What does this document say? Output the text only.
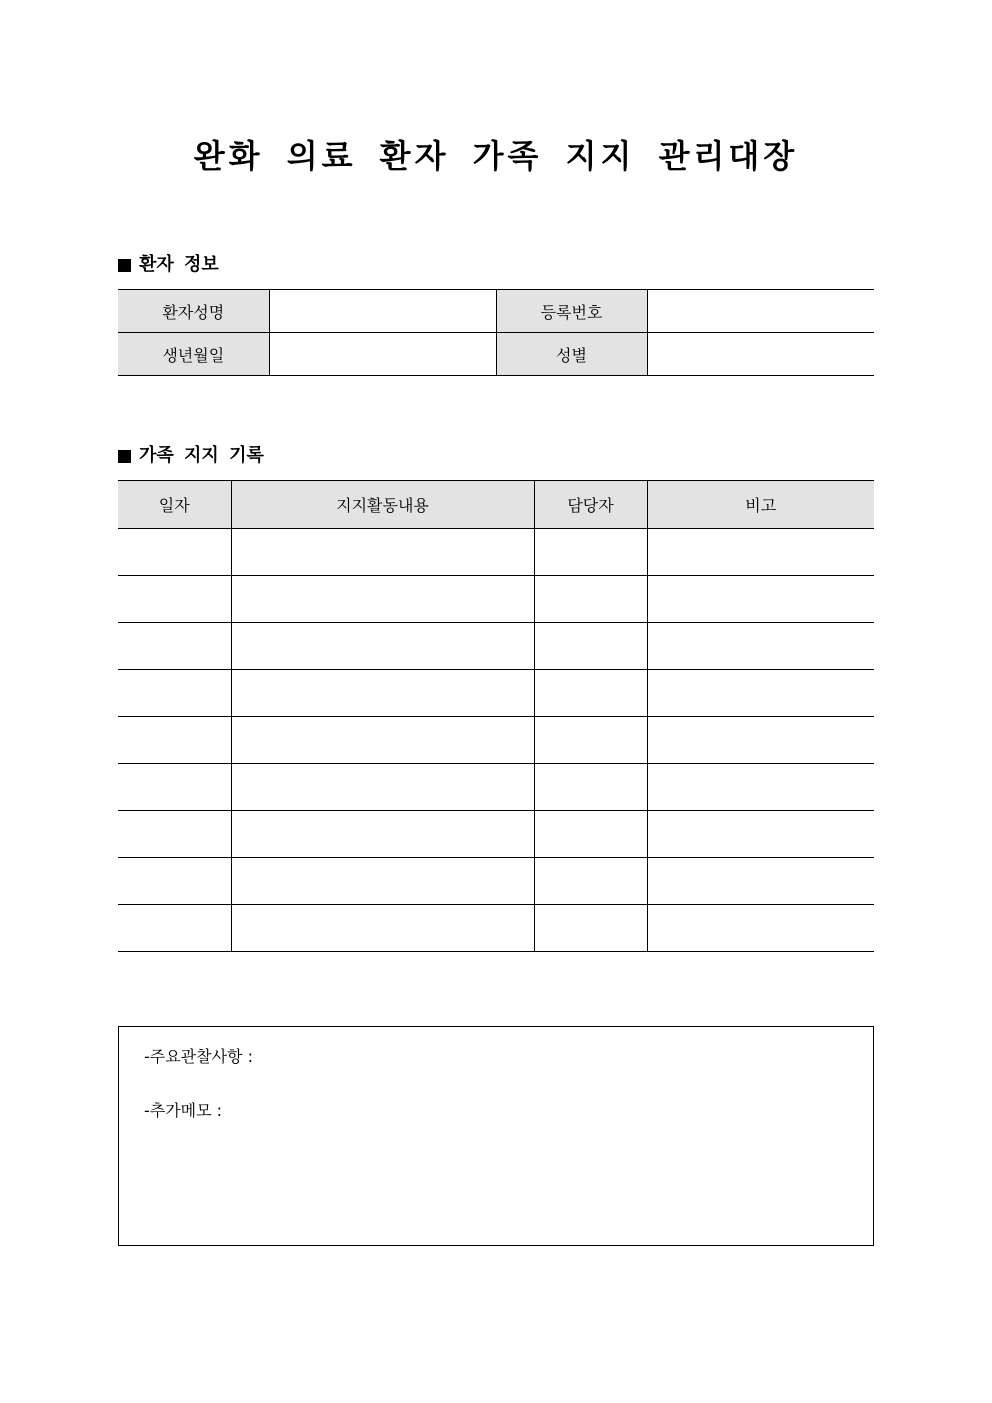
완화 의료 환자 가족 지지 관리대장
환자 정보
환자성명		등록번호	
생년월일		성별	
가족 지지 기록
일자	지지활동내용	담당자	비고

-주요관찰사항 :
-추가메모 :
